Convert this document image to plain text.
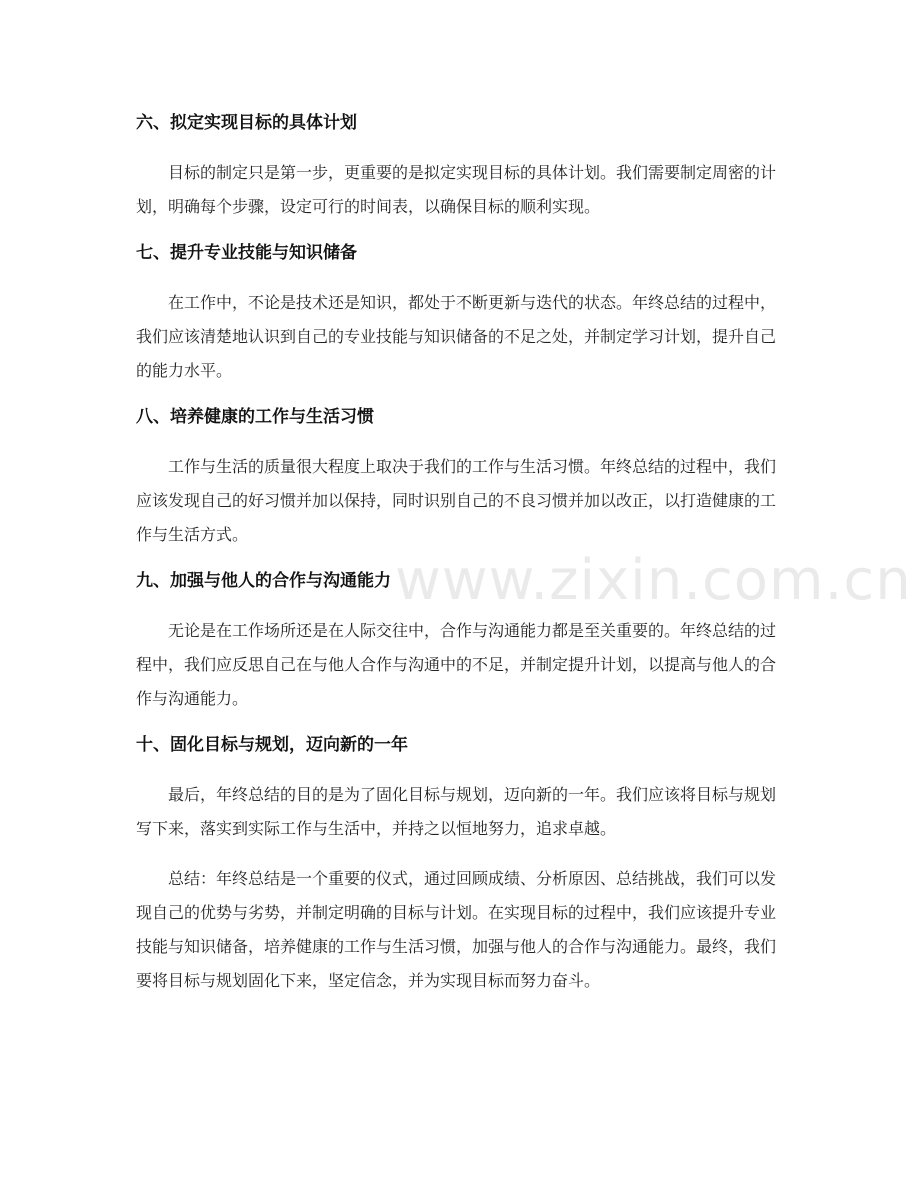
六、拟定实现目标的具体计划

目标的制定只是第一步，更重要的是拟定实现目标的具体计划。我们需要制定周密的计划，明确每个步骤，设定可行的时间表，以确保目标的顺利实现。

七、提升专业技能与知识储备

在工作中，不论是技术还是知识，都处于不断更新与迭代的状态。年终总结的过程中，我们应该清楚地认识到自己的专业技能与知识储备的不足之处，并制定学习计划，提升自己的能力水平。

八、培养健康的工作与生活习惯

工作与生活的质量很大程度上取决于我们的工作与生活习惯。年终总结的过程中，我们应该发现自己的好习惯并加以保持，同时识别自己的不良习惯并加以改正，以打造健康的工作与生活方式。

九、加强与他人的合作与沟通能力

无论是在工作场所还是在人际交往中，合作与沟通能力都是至关重要的。年终总结的过程中，我们应反思自己在与他人合作与沟通中的不足，并制定提升计划，以提高与他人的合作与沟通能力。

十、固化目标与规划，迈向新的一年

最后，年终总结的目的是为了固化目标与规划，迈向新的一年。我们应该将目标与规划写下来，落实到实际工作与生活中，并持之以恒地努力，追求卓越。

总结：年终总结是一个重要的仪式，通过回顾成绩、分析原因、总结挑战，我们可以发现自己的优势与劣势，并制定明确的目标与计划。在实现目标的过程中，我们应该提升专业技能与知识储备，培养健康的工作与生活习惯，加强与他人的合作与沟通能力。最终，我们要将目标与规划固化下来，坚定信念，并为实现目标而努力奋斗。

www.zixin.com.cn
